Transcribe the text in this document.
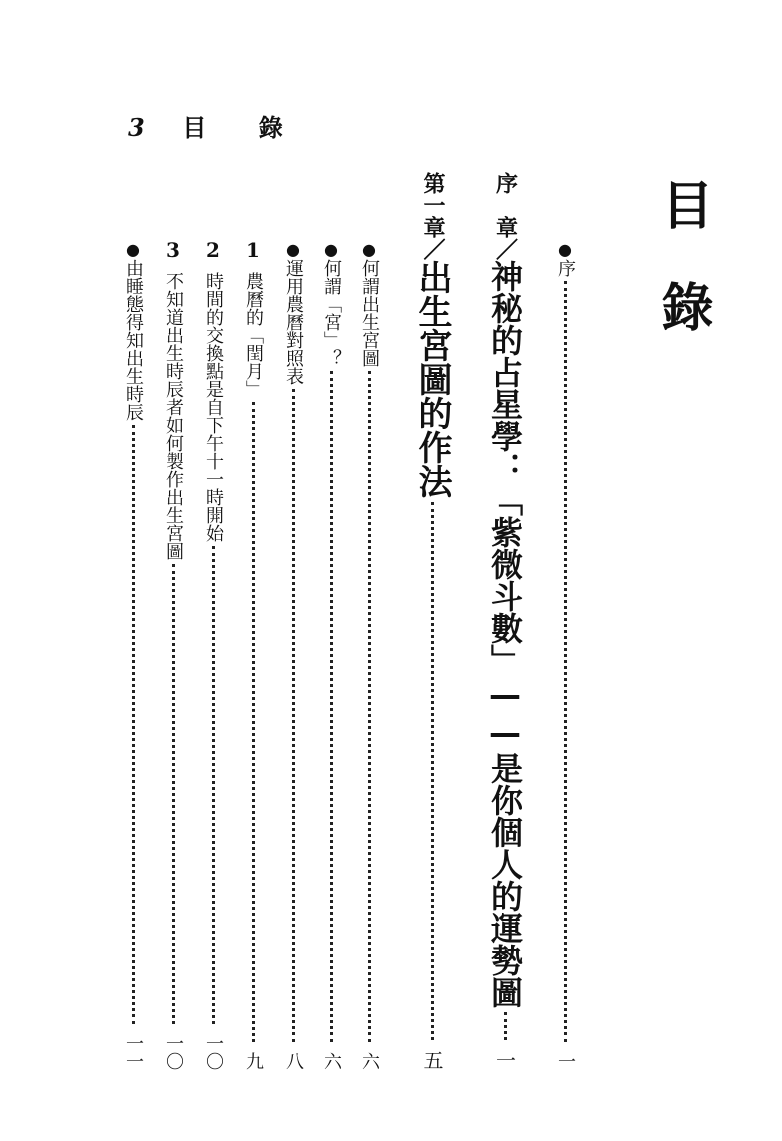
3 目 錄
目錄
●
序
一
序　章／
神秘的占星學：「紫微斗數」——是你個人的運勢圖
一
第一章／
出生宮圖的作法
五
●
何謂出生宮圖
六
●
何謂「宮」？
六
●
運用農曆對照表
八
1
農曆的「閏月」
九
2
時間的交換點是自下午十一時開始
一〇
3
不知道出生時辰者如何製作出生宮圖
一〇
●
由睡態得知出生時辰
一一
